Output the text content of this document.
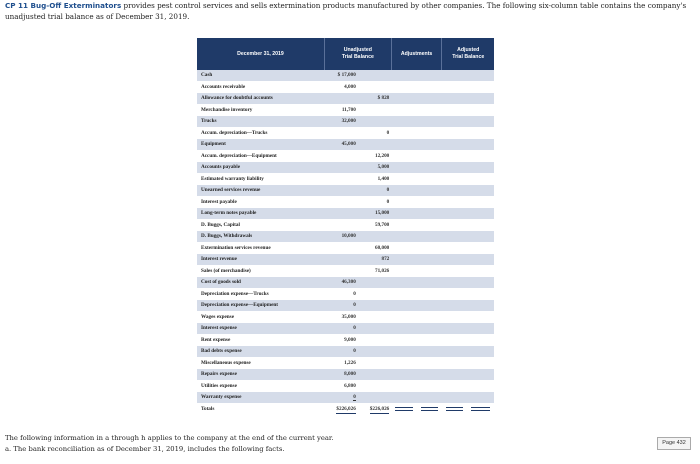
CP 11 Bug-Off Exterminators provides pest control services and sells extermination products manufactured by other companies. The following six-column table contains the company's unadjusted trial balance as of December 31, 2019.
December 31, 2019	Unadjusted
Trial Balance		Adjustments		Adjusted
Trial Balance	

Cash	$ 17,000					
Accounts receivable	4,000					
Allowance for doubtful accounts		$ 828				
Merchandise inventory	11,700					
Trucks	32,000					
Accum. depreciation—Trucks		0				
Equipment	45,000					
Accum. depreciation—Equipment		12,200				
Accounts payable		5,000				
Estimated warranty liability		1,400				
Unearned services revenue		0				
Interest payable		0				
Long-term notes payable		15,000				
D. Buggs, Capital		59,700				
D. Buggs, Withdrawals	10,000					
Extermination services revenue		60,000				
Interest revenue		872				
Sales (of merchandise)		71,026				
Cost of goods sold	46,300					
Depreciation expense—Trucks	0					
Depreciation expense—Equipment	0					
Wages expense	35,000					
Interest expense	0					
Rent expense	9,000					
Bad debts expense	0					
Miscellaneous expense	1,226					
Repairs expense	8,000					
Utilities expense	6,800					
Warranty expense	0					
Totals	$226,026	$226,026	

The following information in a through h applies to the company at the end of the current year.
a. The bank reconciliation as of December 31, 2019, includes the following facts.
Page 432
